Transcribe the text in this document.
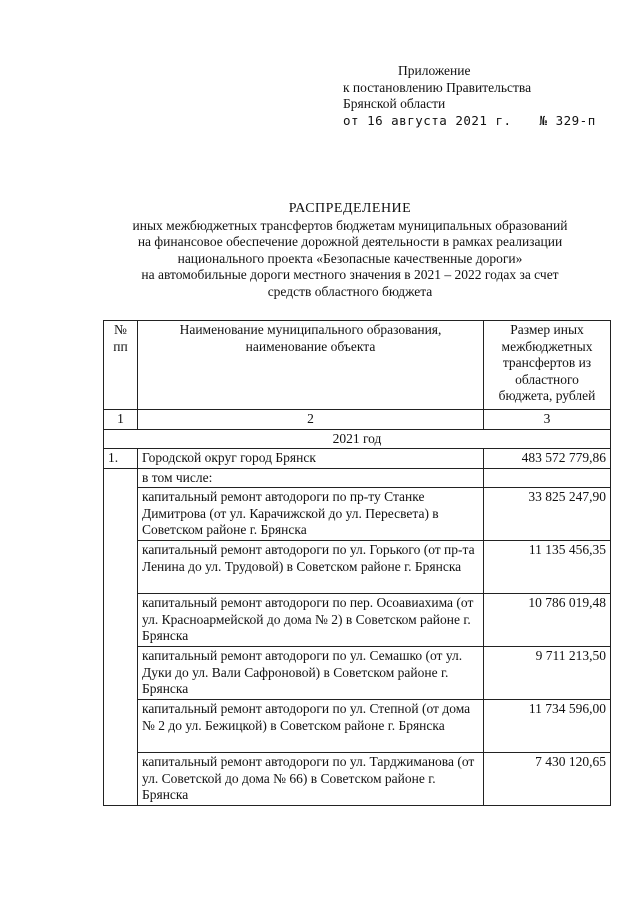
Приложение
к постановлению Правительства
Брянской области
от 16 августа 2021 г. № 329-п
РАСПРЕДЕЛЕНИЕ
иных межбюджетных трансфертов бюджетам муниципальных образований
на финансовое обеспечение дорожной деятельности в рамках реализации
национального проекта «Безопасные качественные дороги»
на автомобильные дороги местного значения в 2021 – 2022 годах за счет
средств областного бюджета
№ пп	Наименование муниципального образования, наименование объекта	Размер иных межбюджетных трансфертов из областного бюджета, рублей
1	2	3
2021 год		
1.	Городской округ город Брянск	483 572 779,86
	в том числе:	
	капитальный ремонт автодороги по пр-ту Станке Димитрова (от ул. Карачижской до ул. Пересвета) в Советском районе г. Брянска	33 825 247,90
	капитальный ремонт автодороги по ул. Горького (от пр-та Ленина до ул. Трудовой) в Советском районе г. Брянска	11 135 456,35
	капитальный ремонт автодороги по пер. Осоавиахима (от ул. Красноармейской до дома № 2) в Советском районе г. Брянска	10 786 019,48
	капитальный ремонт автодороги по ул. Семашко (от ул. Дуки до ул. Вали Сафроновой) в Советском районе г. Брянска	9 711 213,50
	капитальный ремонт автодороги по ул. Степной (от дома № 2 до ул. Бежицкой) в Советском районе г. Брянска	11 734 596,00
	капитальный ремонт автодороги по ул. Тарджиманова (от ул. Советской до дома № 66) в Советском районе г. Брянска	7 430 120,65
